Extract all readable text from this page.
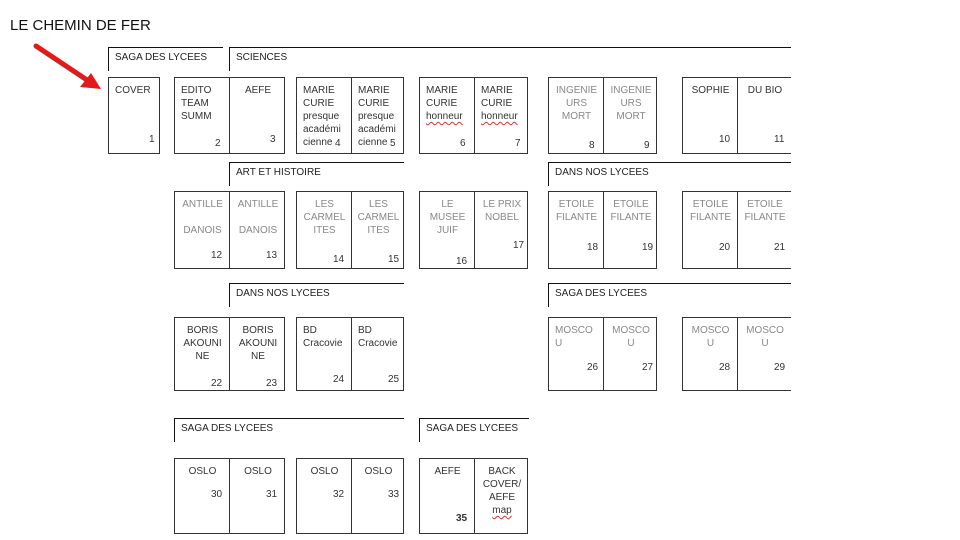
LE CHEMIN DE FER
SAGA DES LYCEES	SCIENCES
ART ET HISTOIRE	DANS NOS LYCEES
DANS NOS LYCEES	SAGA DES LYCEES
SAGA DES LYCEES	SAGA DES LYCEES
COVER
1
EDITO
TEAM
SUMM
2
AEFE
3
MARIE
CURIE
presque
académi
cienne 4
MARIE
CURIE
presque
académi
cienne 5
MARIE
CURIE
honneur
6
MARIE
CURIE
honneur
7
INGENIE
URS
MORT
8
INGENIE
URS
MORT
9
SOPHIE
10
DU BIO
11
ANTILLE

DANOIS
12
ANTILLE

DANOIS
13
LES
CARMEL
ITES
14
LES
CARMEL
ITES
15
LE
MUSEE
JUIF
16
LE PRIX
NOBEL
17
ETOILE
FILANTE
18
ETOILE
FILANTE
19
ETOILE
FILANTE
20
ETOILE
FILANTE
21
BORIS
AKOUNI
NE
22
BORIS
AKOUNI
NE
23
BD
Cracovie
24
BD
Cracovie
25
MOSCO
U
26
MOSCO
U
27
MOSCO
U
28
MOSCO
U
29
OSLO
30
OSLO
31
OSLO
32
OSLO
33
AEFE
35
BACK
COVER/
AEFE
map
